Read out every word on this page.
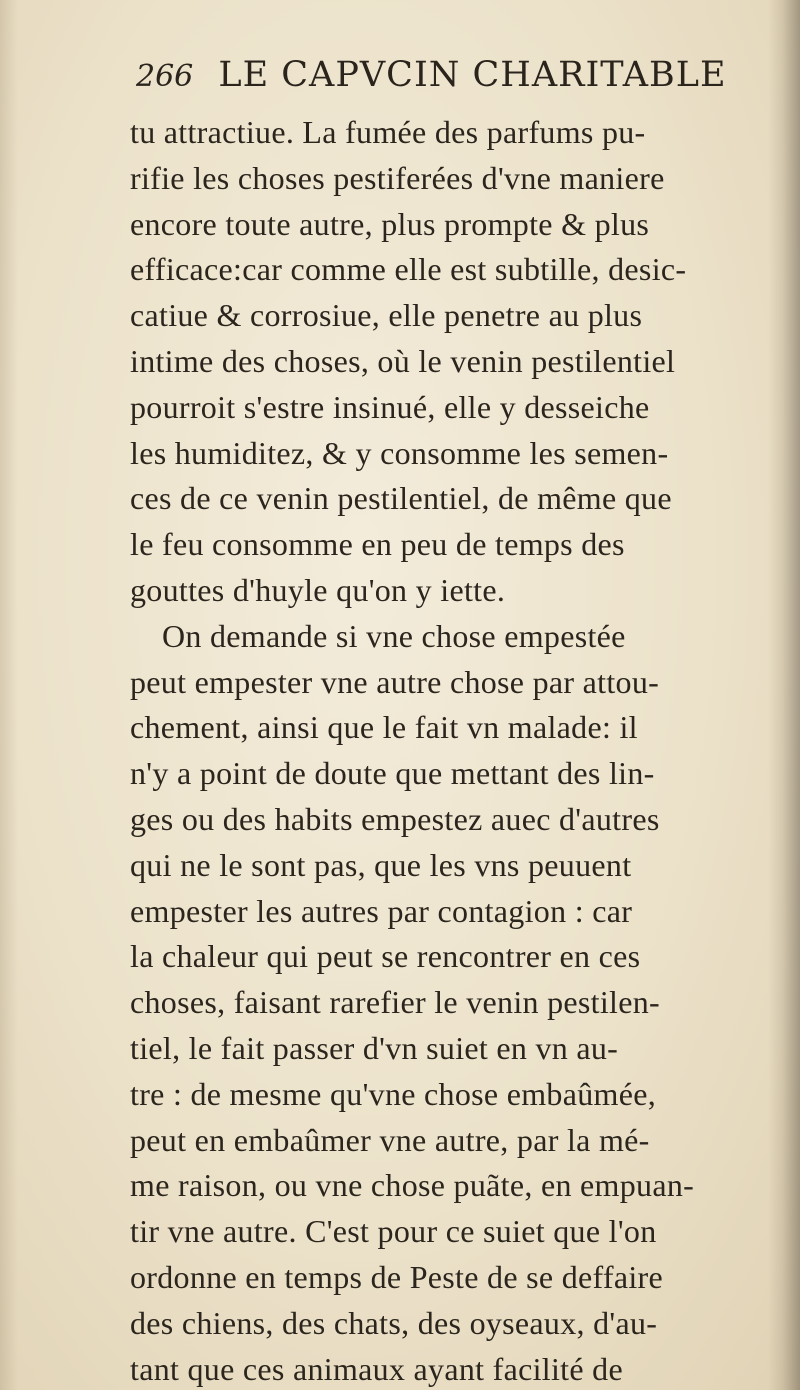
266 LE CAPVCIN CHARITABLE
tu attractiue. La fumée des parfums pu-
rifie les choses pestiferées d'vne maniere
encore toute autre, plus prompte & plus
efficace:car comme elle est subtille, desic-
catiue & corrosiue, elle penetre au plus
intime des choses, où le venin pestilentiel
pourroit s'estre insinué, elle y desseiche
les humiditez, & y consomme les semen-
ces de ce venin pestilentiel, de même que
le feu consomme en peu de temps des
gouttes d'huyle qu'on y iette.
On demande si vne chose empestée
peut empester vne autre chose par attou-
chement, ainsi que le fait vn malade: il
n'y a point de doute que mettant des lin-
ges ou des habits empestez auec d'autres
qui ne le sont pas, que les vns peuuent
empester les autres par contagion : car
la chaleur qui peut se rencontrer en ces
choses, faisant rarefier le venin pestilen-
tiel, le fait passer d'vn suiet en vn au-
tre : de mesme qu'vne chose embaûmée,
peut en embaûmer vne autre, par la mé-
me raison, ou vne chose puãte, en empuan-
tir vne autre. C'est pour ce suiet que l'on
ordonne en temps de Peste de se deffaire
des chiens, des chats, des oyseaux, d'au-
tant que ces animaux ayant facilité de
